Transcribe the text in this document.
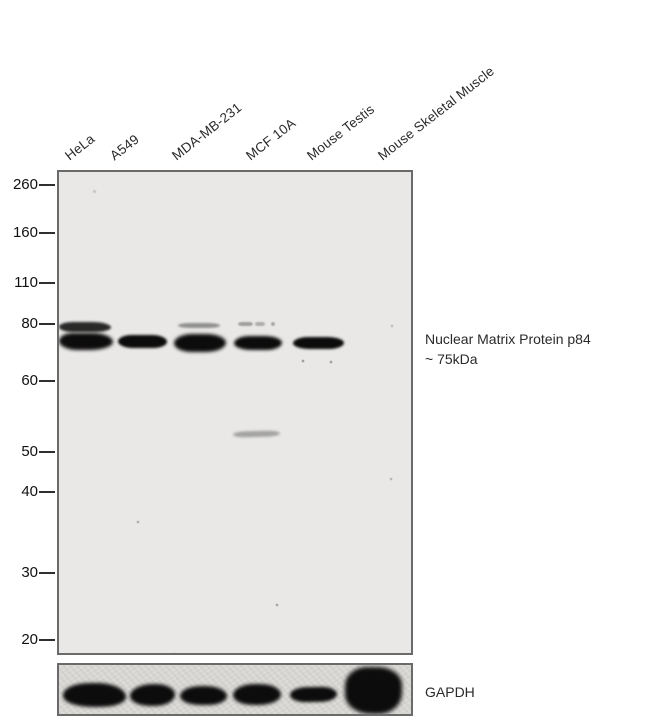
HeLa A549 MDA-MB-231
MCF 10A Mouse Testis
Mouse Skeletal Muscle
260
160
110
80
60
50
40
30
20
Nuclear Matrix Protein p84
~ 75kDa
GAPDH
